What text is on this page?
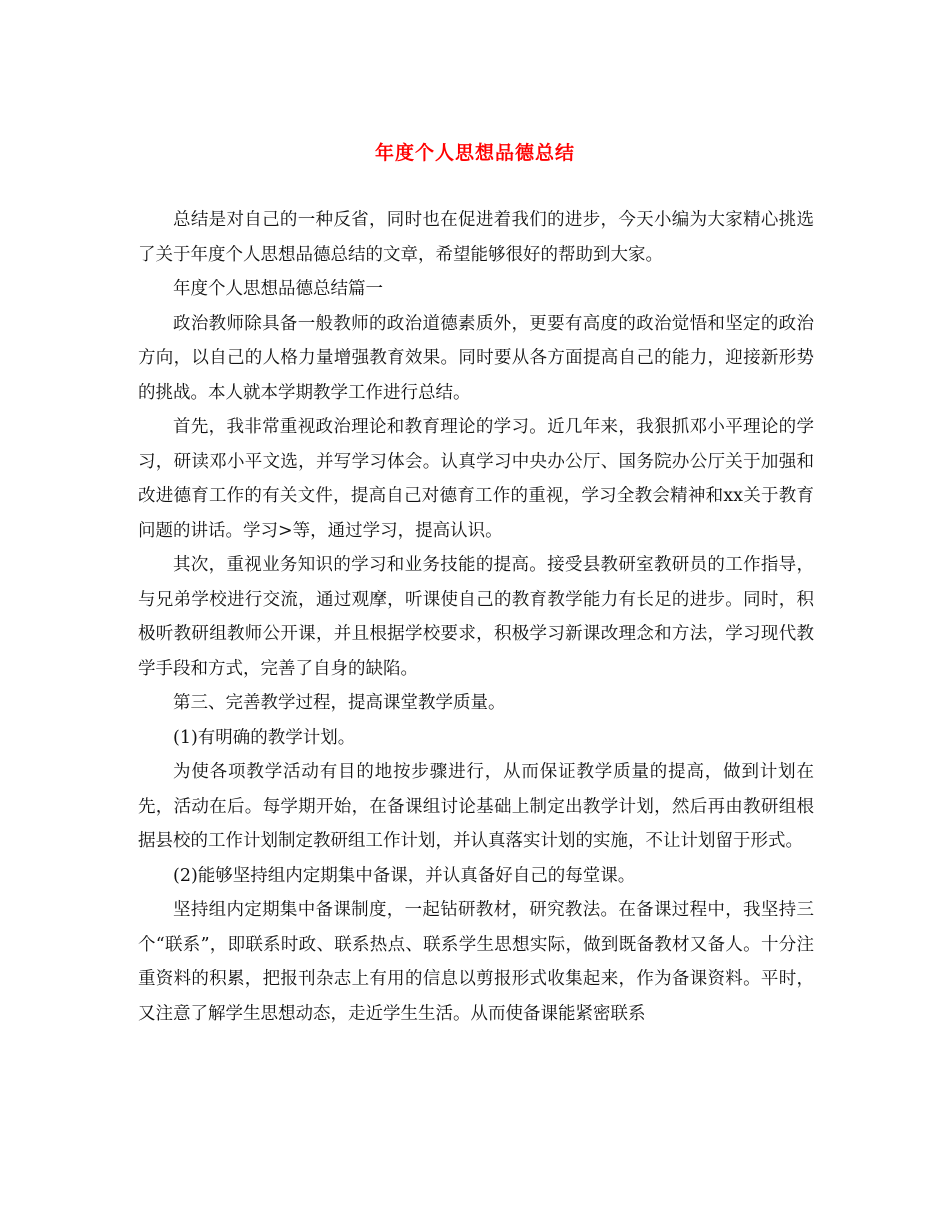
年度个人思想品德总结

总结是对自己的一种反省，同时也在促进着我们的进步，今天小编为大家精心挑选了关于年度个人思想品德总结的文章，希望能够很好的帮助到大家。

年度个人思想品德总结篇一

政治教师除具备一般教师的政治道德素质外，更要有高度的政治觉悟和坚定的政治方向，以自己的人格力量增强教育效果。同时要从各方面提高自己的能力，迎接新形势的挑战。本人就本学期教学工作进行总结。

首先，我非常重视政治理论和教育理论的学习。近几年来，我狠抓邓小平理论的学习，研读邓小平文选，并写学习体会。认真学习中央办公厅、国务院办公厅关于加强和改进德育工作的有关文件，提高自己对德育工作的重视，学习全教会精神和xx关于教育问题的讲话。学习>等，通过学习，提高认识。

其次，重视业务知识的学习和业务技能的提高。接受县教研室教研员的工作指导，与兄弟学校进行交流，通过观摩，听课使自己的教育教学能力有长足的进步。同时，积极听教研组教师公开课，并且根据学校要求，积极学习新课改理念和方法，学习现代教学手段和方式，完善了自身的缺陷。

第三、完善教学过程，提高课堂教学质量。

(1)有明确的教学计划。

为使各项教学活动有目的地按步骤进行，从而保证教学质量的提高，做到计划在先，活动在后。每学期开始，在备课组讨论基础上制定出教学计划，然后再由教研组根据县校的工作计划制定教研组工作计划，并认真落实计划的实施，不让计划留于形式。

(2)能够坚持组内定期集中备课，并认真备好自己的每堂课。

坚持组内定期集中备课制度，一起钻研教材，研究教法。在备课过程中，我坚持三个“联系”，即联系时政、联系热点、联系学生思想实际，做到既备教材又备人。十分注重资料的积累，把报刊杂志上有用的信息以剪报形式收集起来，作为备课资料。平时，又注意了解学生思想动态，走近学生生活。从而使备课能紧密联系
